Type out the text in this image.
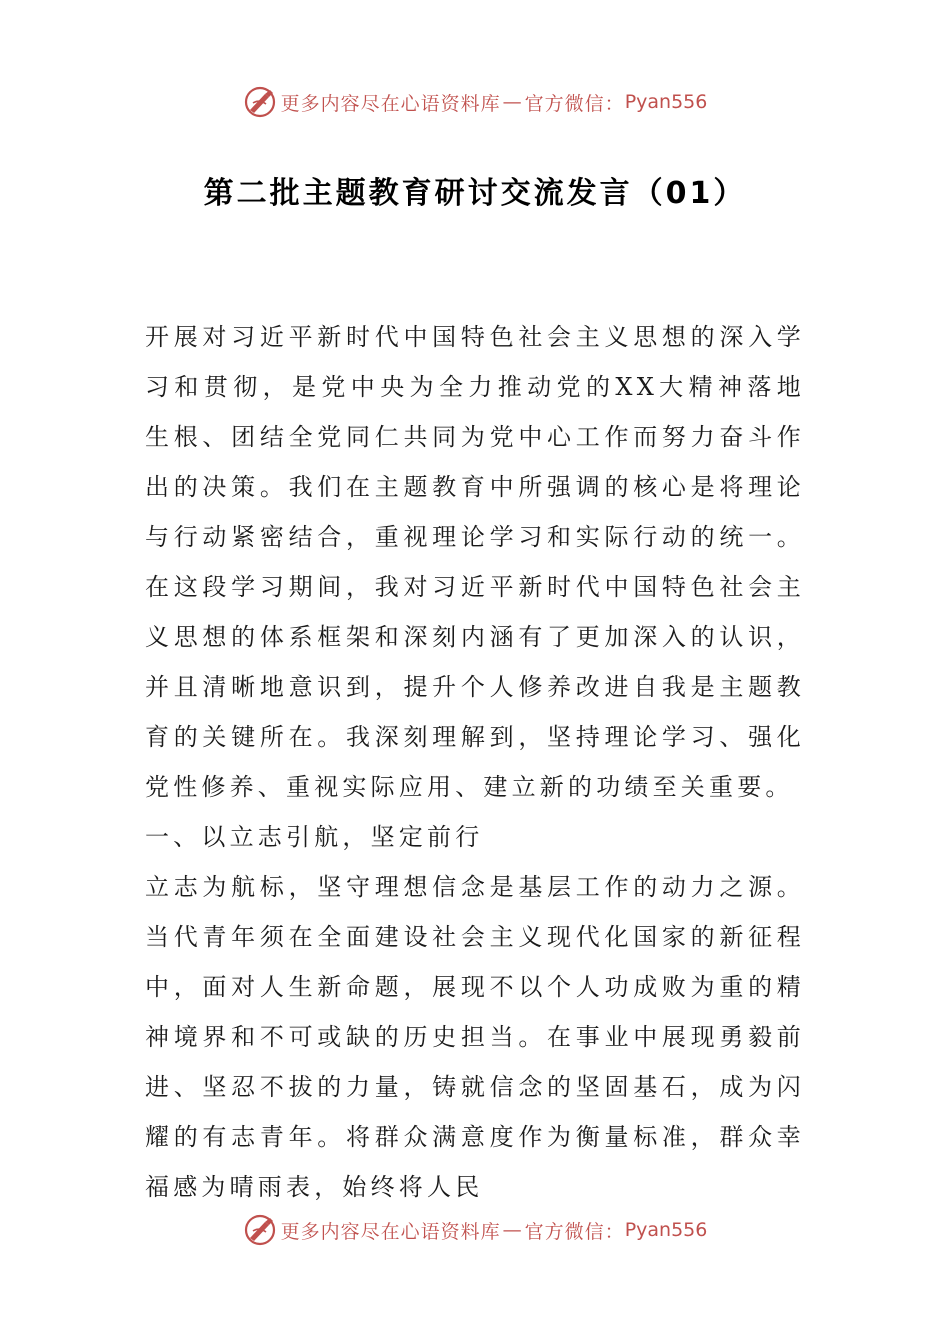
更多内容尽在心语资料库 — 官方微信： Pyan556
第二批主题教育研讨交流发言（01）

开展对习近平新时代中国特色社会主义思想的深入学习和贯彻，是党中央为全力推动党的XX大精神落地生根、团结全党同仁共同为党中心工作而努力奋斗作出的决策。我们在主题教育中所强调的核心是将理论与行动紧密结合，重视理论学习和实际行动的统一。在这段学习期间，我对习近平新时代中国特色社会主义思想的体系框架和深刻内涵有了更加深入的认识，并且清晰地意识到，提升个人修养改进自我是主题教育的关键所在。我深刻理解到，坚持理论学习、强化党性修养、重视实际应用、建立新的功绩至关重要。

一、以立志引航，坚定前行

立志为航标，坚守理想信念是基层工作的动力之源。当代青年须在全面建设社会主义现代化国家的新征程中，面对人生新命题，展现不以个人功成败为重的精神境界和不可或缺的历史担当。在事业中展现勇毅前进、坚忍不拔的力量，铸就信念的坚固基石，成为闪耀的有志青年。将群众满意度作为衡量标准，群众幸福感为晴雨表，始终将人民

更多内容尽在心语资料库 — 官方微信： Pyan556
